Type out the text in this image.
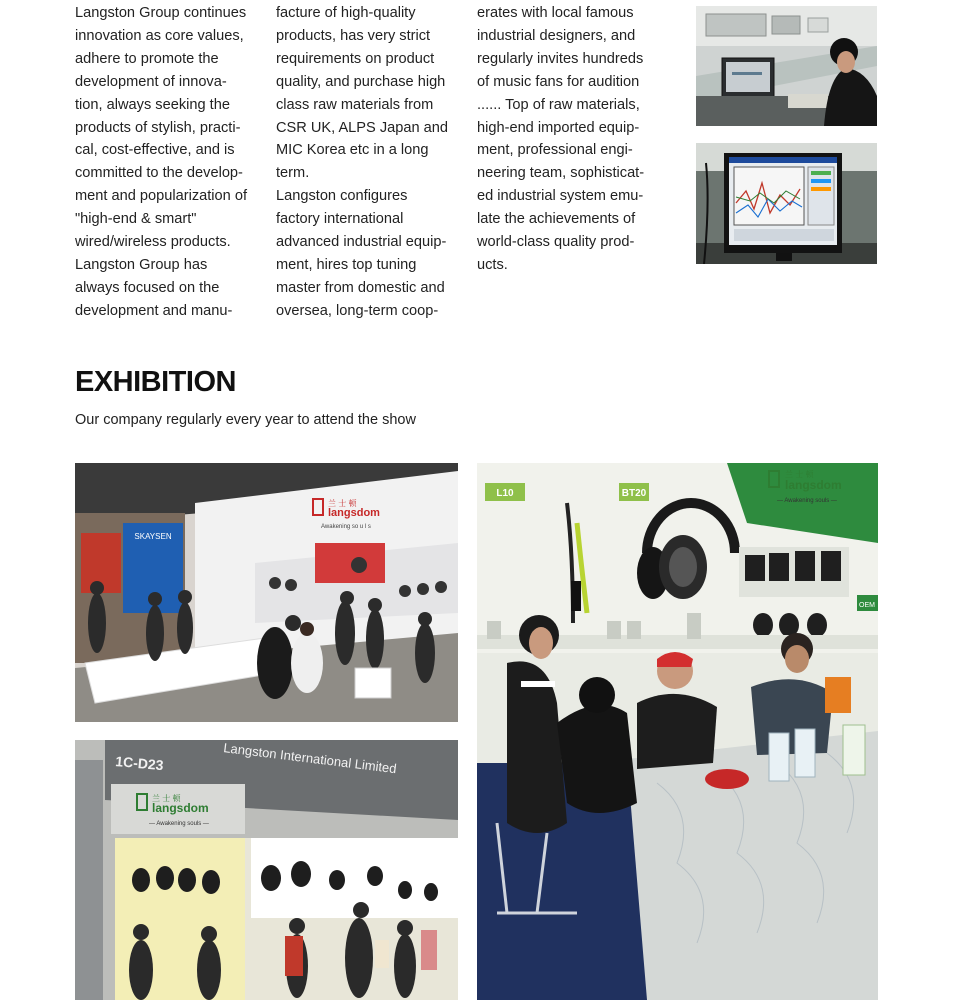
Langston Group continues
innovation as core values,
adhere to promote the
development of innova-
tion, always seeking the
products of stylish, practi-
cal, cost-effective, and is
committed to the develop-
ment and popularization of
"high-end & smart"
wired/wireless products.
Langston Group has
always focused on the
development and manu-

facture of high-quality
products, has very strict
requirements on product
quality, and purchase high
class raw materials from
CSR UK, ALPS Japan and
MIC Korea etc in a long
term.
Langston configures
factory international
advanced industrial equip-
ment, hires top tuning
master from domestic and
oversea, long-term coop-

erates with local famous
industrial designers, and
regularly invites hundreds
of music fans for audition
...... Top of raw materials,
high-end imported equip-
ment, professional engi-
neering team, sophisticat-
ed industrial system emu-
late the achievements of
world-class quality prod-
ucts.

EXHIBITION

Our company regularly every year to attend the show

SKAYSEN
兰 士 顿
langsdom
Awakening so u l s
1C-D23	Langston International Limited
兰 士 顿
langsdom
— Awakening souls —
L10	BT20
兰 士 顿
langsdom
— Awakening souls —
OEM
